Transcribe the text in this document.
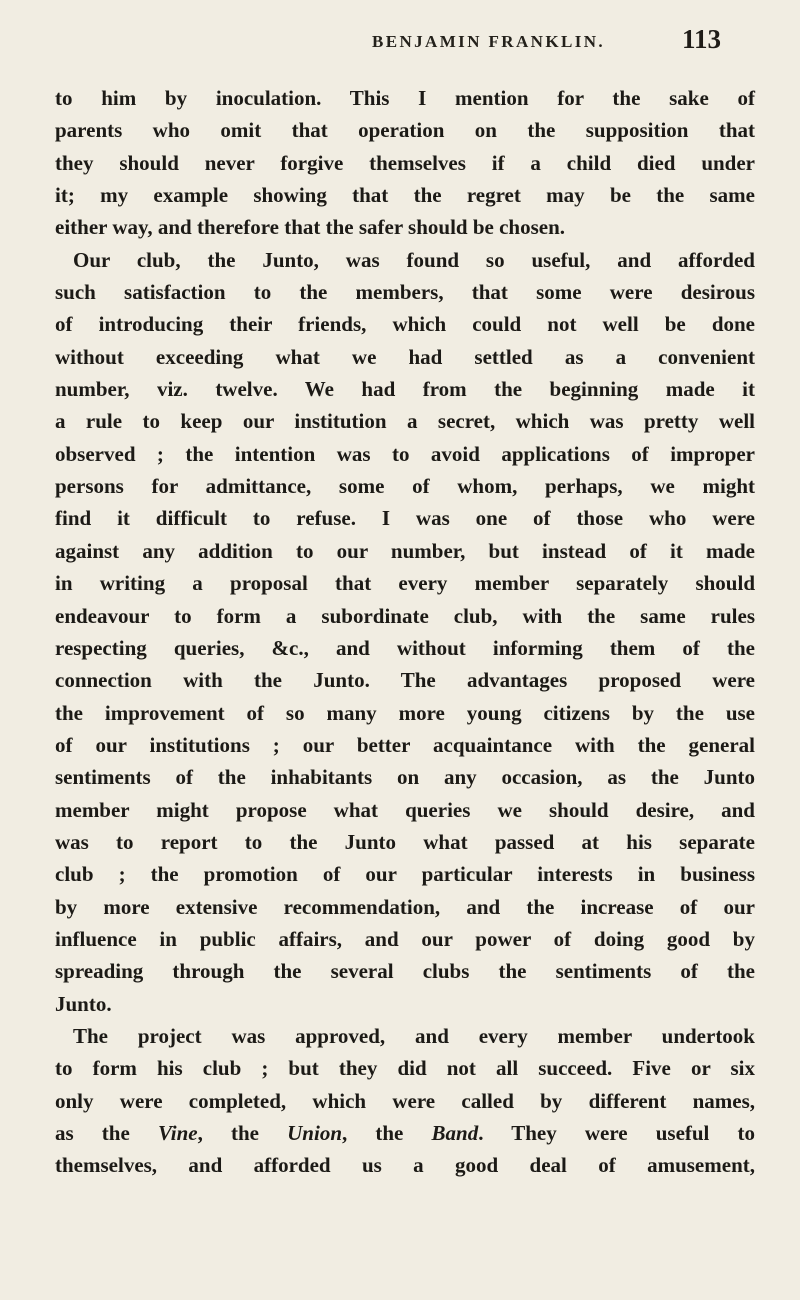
BENJAMIN FRANKLIN.	113
to him by inoculation. This I mention for the sake of
parents who omit that operation on the supposition that
they should never forgive themselves if a child died under
it; my example showing that the regret may be the same
either way, and therefore that the safer should be chosen.
Our club, the Junto, was found so useful, and afforded
such satisfaction to the members, that some were desirous
of introducing their friends, which could not well be done
without exceeding what we had settled as a convenient
number, viz. twelve. We had from the beginning made it
a rule to keep our institution a secret, which was pretty well
observed ; the intention was to avoid applications of improper
persons for admittance, some of whom, perhaps, we might
find it difficult to refuse. I was one of those who were
against any addition to our number, but instead of it made
in writing a proposal that every member separately should
endeavour to form a subordinate club, with the same rules
respecting queries, &c., and without informing them of the
connection with the Junto. The advantages proposed were
the improvement of so many more young citizens by the use
of our institutions ; our better acquaintance with the general
sentiments of the inhabitants on any occasion, as the Junto
member might propose what queries we should desire, and
was to report to the Junto what passed at his separate
club ; the promotion of our particular interests in business
by more extensive recommendation, and the increase of our
influence in public affairs, and our power of doing good by
spreading through the several clubs the sentiments of the
Junto.
The project was approved, and every member undertook
to form his club ; but they did not all succeed. Five or six
only were completed, which were called by different names,
as the Vine, the Union, the Band. They were useful to
themselves, and afforded us a good deal of amusement,
